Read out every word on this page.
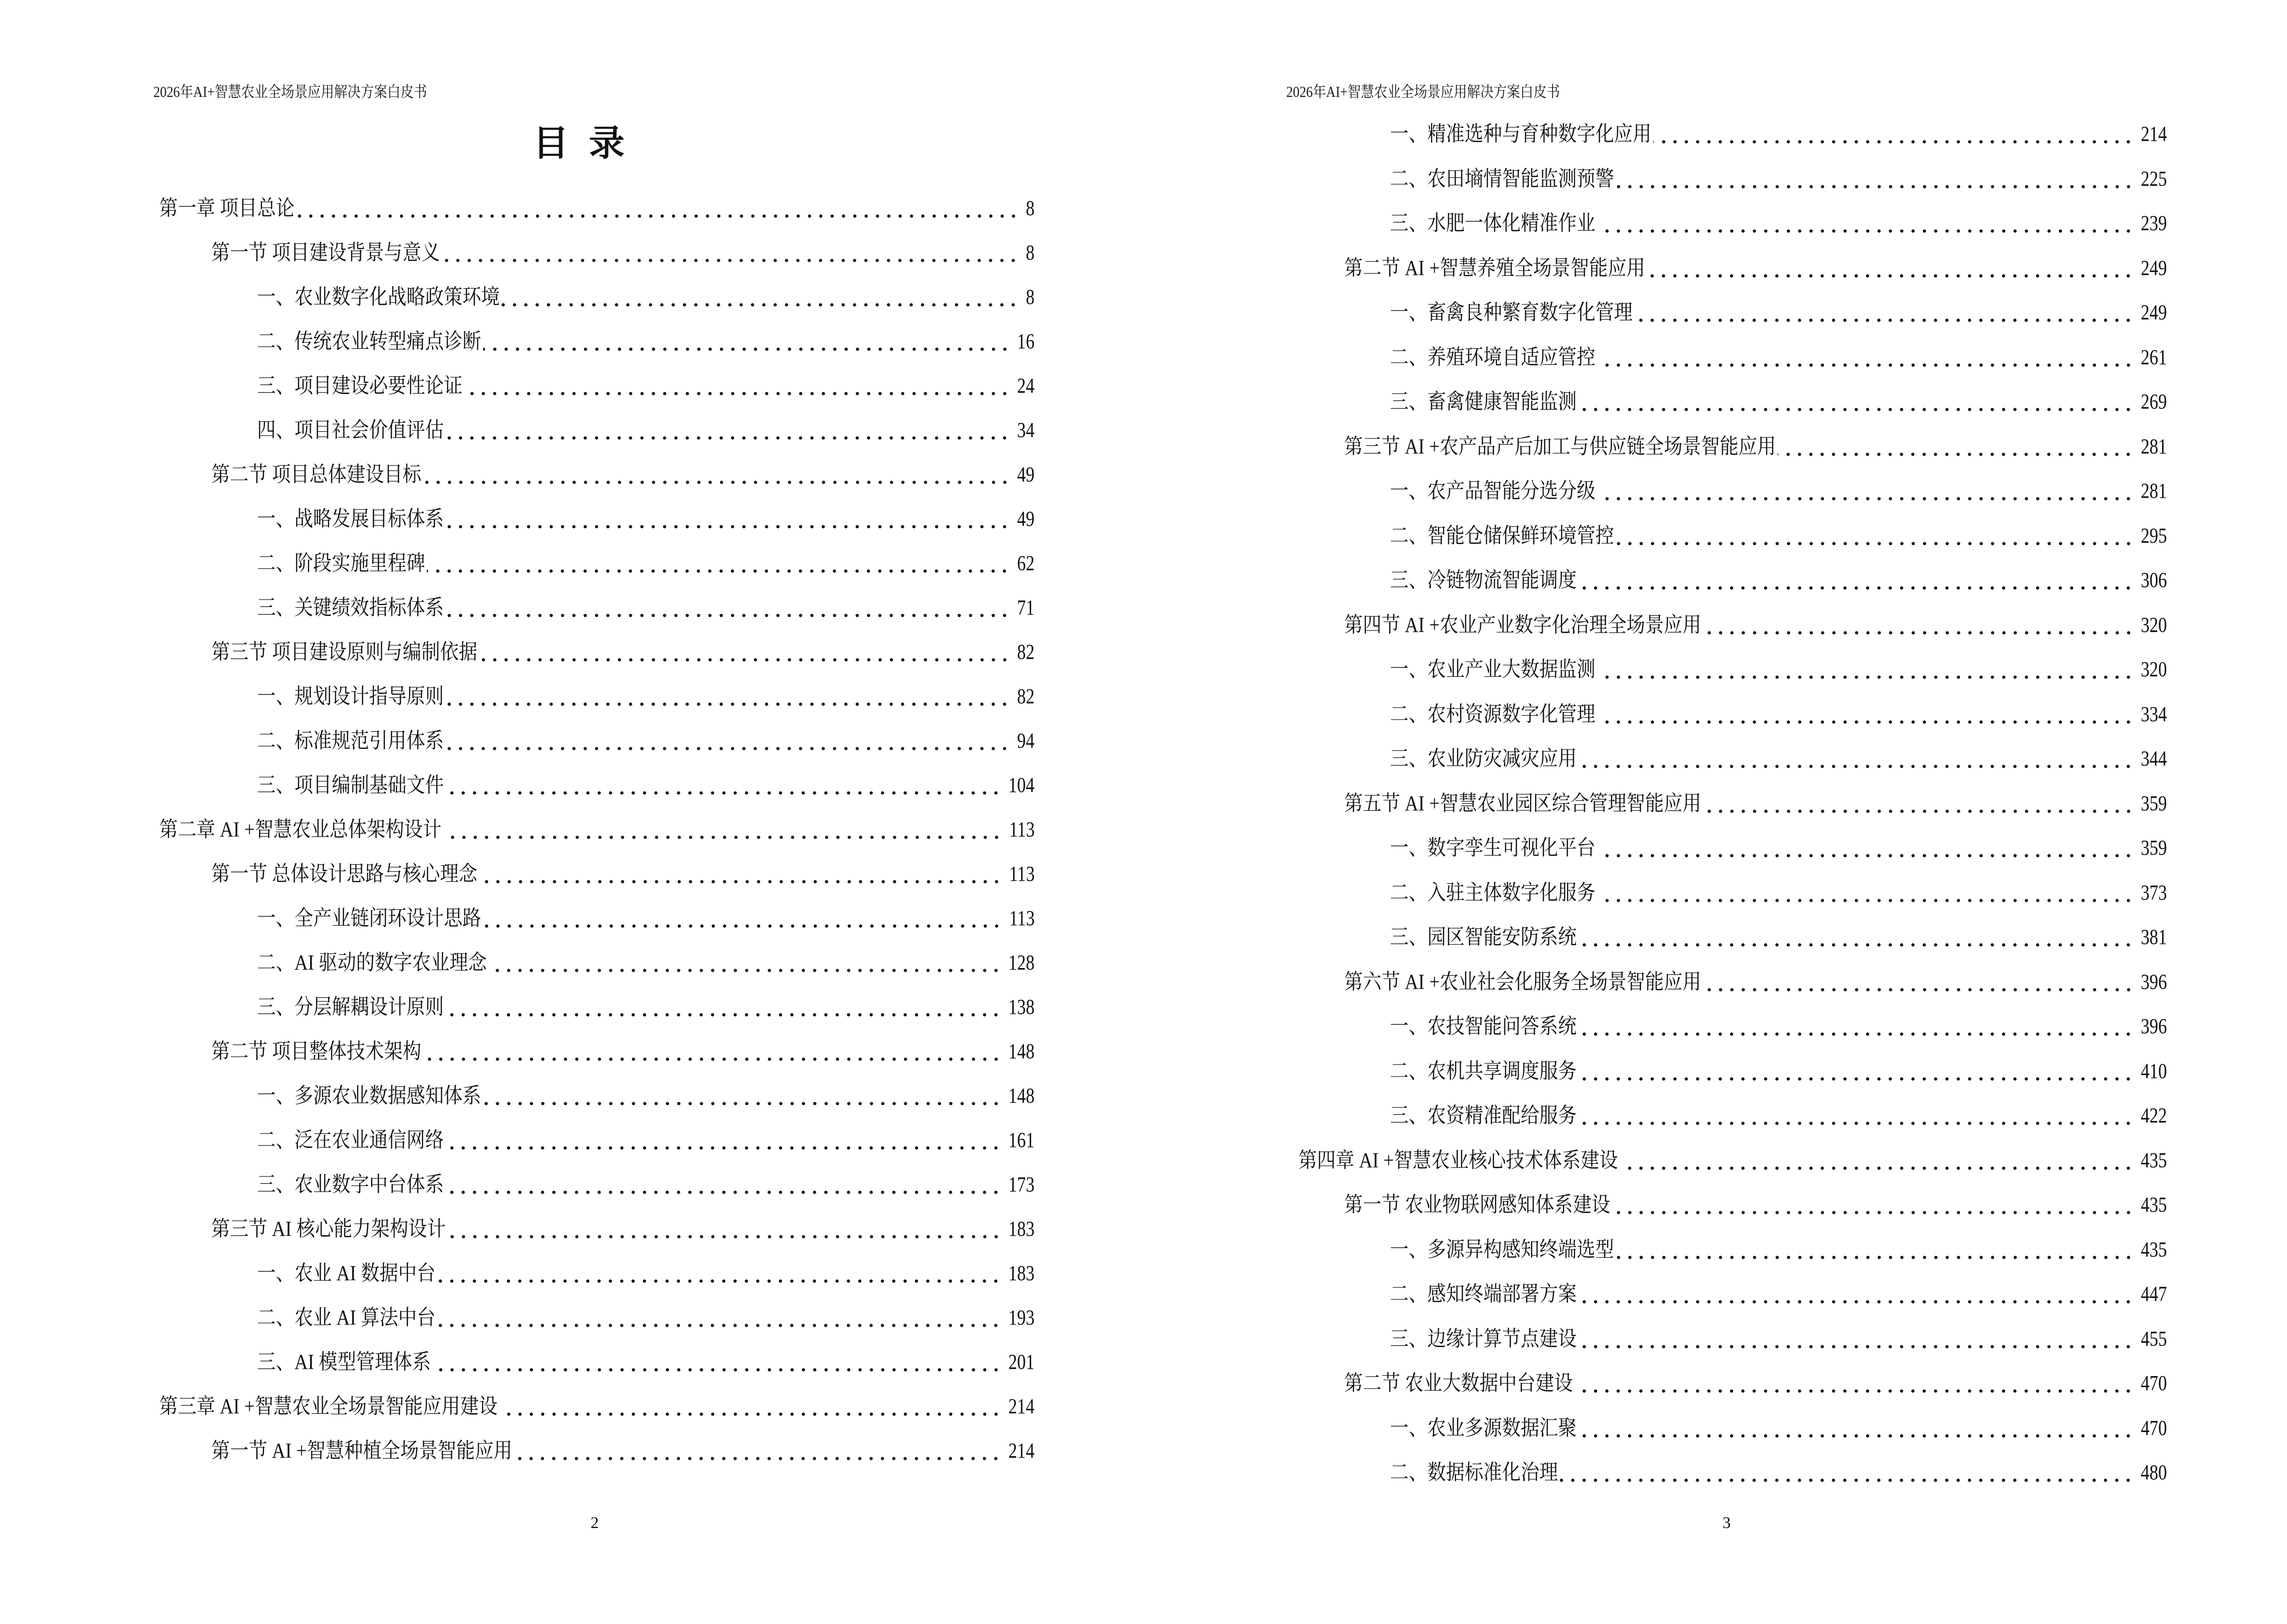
2026年AI+智慧农业全场景应用解决方案白皮书
目录
第一章 项目总论	8
第一节 项目建设背景与意义	8
一、农业数字化战略政策环境	8
二、传统农业转型痛点诊断	16
三、项目建设必要性论证	24
四、项目社会价值评估	34
第二节 项目总体建设目标	49
一、战略发展目标体系	49
二、阶段实施里程碑	62
三、关键绩效指标体系	71
第三节 项目建设原则与编制依据	82
一、规划设计指导原则	82
二、标准规范引用体系	94
三、项目编制基础文件	104
第二章 AI +智慧农业总体架构设计	113
第一节 总体设计思路与核心理念	113
一、全产业链闭环设计思路	113
二、AI 驱动的数字农业理念	128
三、分层解耦设计原则	138
第二节 项目整体技术架构	148
一、多源农业数据感知体系	148
二、泛在农业通信网络	161
三、农业数字中台体系	173
第三节 AI 核心能力架构设计	183
一、农业 AI 数据中台	183
二、农业 AI 算法中台	193
三、AI 模型管理体系	201
第三章 AI +智慧农业全场景智能应用建设	214
第一节 AI +智慧种植全场景智能应用	214
2
2026年AI+智慧农业全场景应用解决方案白皮书
一、精准选种与育种数字化应用	214
二、农田墒情智能监测预警	225
三、水肥一体化精准作业	239
第二节 AI +智慧养殖全场景智能应用	249
一、畜禽良种繁育数字化管理	249
二、养殖环境自适应管控	261
三、畜禽健康智能监测	269
第三节 AI +农产品产后加工与供应链全场景智能应用	281
一、农产品智能分选分级	281
二、智能仓储保鲜环境管控	295
三、冷链物流智能调度	306
第四节 AI +农业产业数字化治理全场景应用	320
一、农业产业大数据监测	320
二、农村资源数字化管理	334
三、农业防灾减灾应用	344
第五节 AI +智慧农业园区综合管理智能应用	359
一、数字孪生可视化平台	359
二、入驻主体数字化服务	373
三、园区智能安防系统	381
第六节 AI +农业社会化服务全场景智能应用	396
一、农技智能问答系统	396
二、农机共享调度服务	410
三、农资精准配给服务	422
第四章 AI +智慧农业核心技术体系建设	435
第一节 农业物联网感知体系建设	435
一、多源异构感知终端选型	435
二、感知终端部署方案	447
三、边缘计算节点建设	455
第二节 农业大数据中台建设	470
一、农业多源数据汇聚	470
二、数据标准化治理	480
3
